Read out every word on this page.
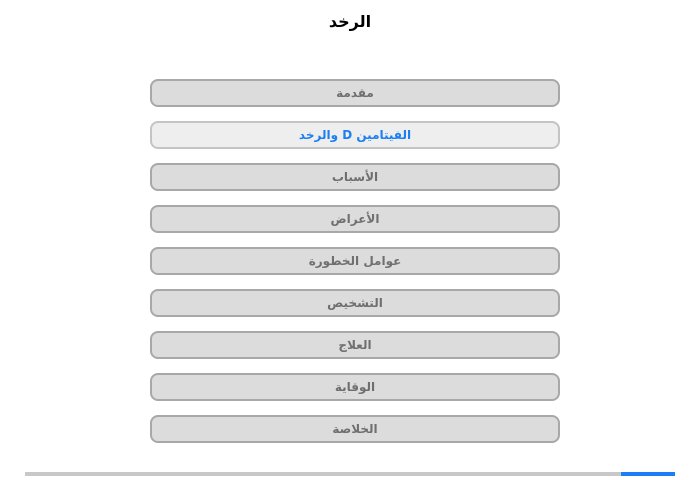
الرخد
مقدمة
الفيتامين D والرخد
الأسباب
الأعراض
عوامل الخطورة
التشخيص
العلاج
الوقاية
الخلاصة
